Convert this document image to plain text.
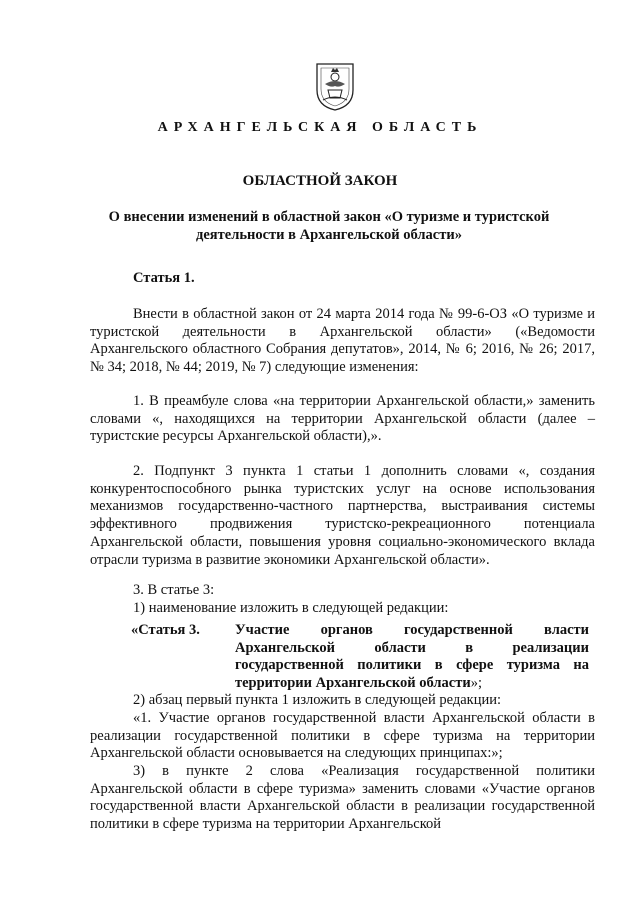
АРХАНГЕЛЬСКАЯ ОБЛАСТЬ
ОБЛАСТНОЙ ЗАКОН
О внесении изменений в областной закон «О туризме и туристской деятельности в Архангельской области»
Статья 1.
Внести в областной закон от 24 марта 2014 года № 99-6-ОЗ «О туризме и туристской деятельности в Архангельской области» («Ведомости Архангельского областного Собрания депутатов», 2014, № 6; 2016, № 26; 2017, № 34; 2018, № 44; 2019, № 7) следующие изменения:
1. В преамбуле слова «на территории Архангельской области,» заменить словами «, находящихся на территории Архангельской области (далее – туристские ресурсы Архангельской области),».
2. Подпункт 3 пункта 1 статьи 1 дополнить словами «, создания конкурентоспособного рынка туристских услуг на основе использования механизмов государственно-частного партнерства, выстраивания системы эффективного продвижения туристско-рекреационного потенциала Архангельской области, повышения уровня социально-экономического вклада отрасли туризма в развитие экономики Архангельской области».
3. В статье 3:
1) наименование изложить в следующей редакции:
«Статья 3. Участие органов государственной власти Архангельской области в реализации государственной политики в сфере туризма на территории Архангельской области»;
2) абзац первый пункта 1 изложить в следующей редакции:
«1. Участие органов государственной власти Архангельской области в реализации государственной политики в сфере туризма на территории Архангельской области основывается на следующих принципах:»;
3) в пункте 2 слова «Реализация государственной политики Архангельской области в сфере туризма» заменить словами «Участие органов государственной власти Архангельской области в реализации государственной политики в сфере туризма на территории Архангельской
